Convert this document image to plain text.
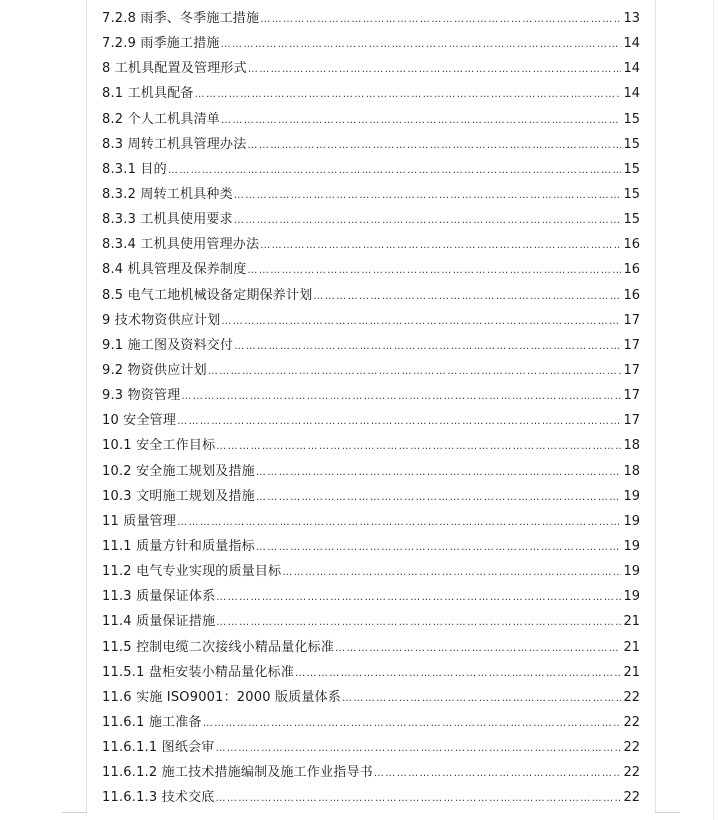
7.2.8 雨季、冬季施工措施 ……………………………………………………………………………………………………………………………………………………………………………………	13
7.2.9 雨季施工措施 ……………………………………………………………………………………………………………………………………………………………………………………	14
8 工机具配置及管理形式 ……………………………………………………………………………………………………………………………………………………………………………………	14
8.1 工机具配备 ……………………………………………………………………………………………………………………………………………………………………………………	14
8.2 个人工机具清单 ……………………………………………………………………………………………………………………………………………………………………………………	15
8.3 周转工机具管理办法 ……………………………………………………………………………………………………………………………………………………………………………………	15
8.3.1 目的 ……………………………………………………………………………………………………………………………………………………………………………………	15
8.3.2 周转工机具种类 ……………………………………………………………………………………………………………………………………………………………………………………	15
8.3.3 工机具使用要求 ……………………………………………………………………………………………………………………………………………………………………………………	15
8.3.4 工机具使用管理办法 ……………………………………………………………………………………………………………………………………………………………………………………	16
8.4 机具管理及保养制度 ……………………………………………………………………………………………………………………………………………………………………………………	16
8.5 电气工地机械设备定期保养计划 ……………………………………………………………………………………………………………………………………………………………………………………	16
9 技术物资供应计划 ……………………………………………………………………………………………………………………………………………………………………………………	17
9.1 施工图及资料交付 ……………………………………………………………………………………………………………………………………………………………………………………	17
9.2 物资供应计划 ……………………………………………………………………………………………………………………………………………………………………………………	17
9.3 物资管理 ……………………………………………………………………………………………………………………………………………………………………………………	17
10 安全管理 ……………………………………………………………………………………………………………………………………………………………………………………	17
10.1 安全工作目标 ……………………………………………………………………………………………………………………………………………………………………………………	18
10.2 安全施工规划及措施 ……………………………………………………………………………………………………………………………………………………………………………………	18
10.3 文明施工规划及措施 ……………………………………………………………………………………………………………………………………………………………………………………	19
11 质量管理 ……………………………………………………………………………………………………………………………………………………………………………………	19
11.1 质量方针和质量指标 ……………………………………………………………………………………………………………………………………………………………………………………	19
11.2 电气专业实现的质量目标 ……………………………………………………………………………………………………………………………………………………………………………………	19
11.3 质量保证体系 ……………………………………………………………………………………………………………………………………………………………………………………	19
11.4 质量保证措施 ……………………………………………………………………………………………………………………………………………………………………………………	21
11.5 控制电缆二次接线小精品量化标准 ……………………………………………………………………………………………………………………………………………………………………………………	21
11.5.1 盘柜安装小精品量化标准 ……………………………………………………………………………………………………………………………………………………………………………………	21
11.6 实施 ISO9001：2000 版质量体系 ……………………………………………………………………………………………………………………………………………………………………………………	22
11.6.1 施工准备 ……………………………………………………………………………………………………………………………………………………………………………………	22
11.6.1.1 图纸会审 ……………………………………………………………………………………………………………………………………………………………………………………	22
11.6.1.2 施工技术措施编制及施工作业指导书 ……………………………………………………………………………………………………………………………………………………………………………………	22
11.6.1.3 技术交底 ……………………………………………………………………………………………………………………………………………………………………………………	22
